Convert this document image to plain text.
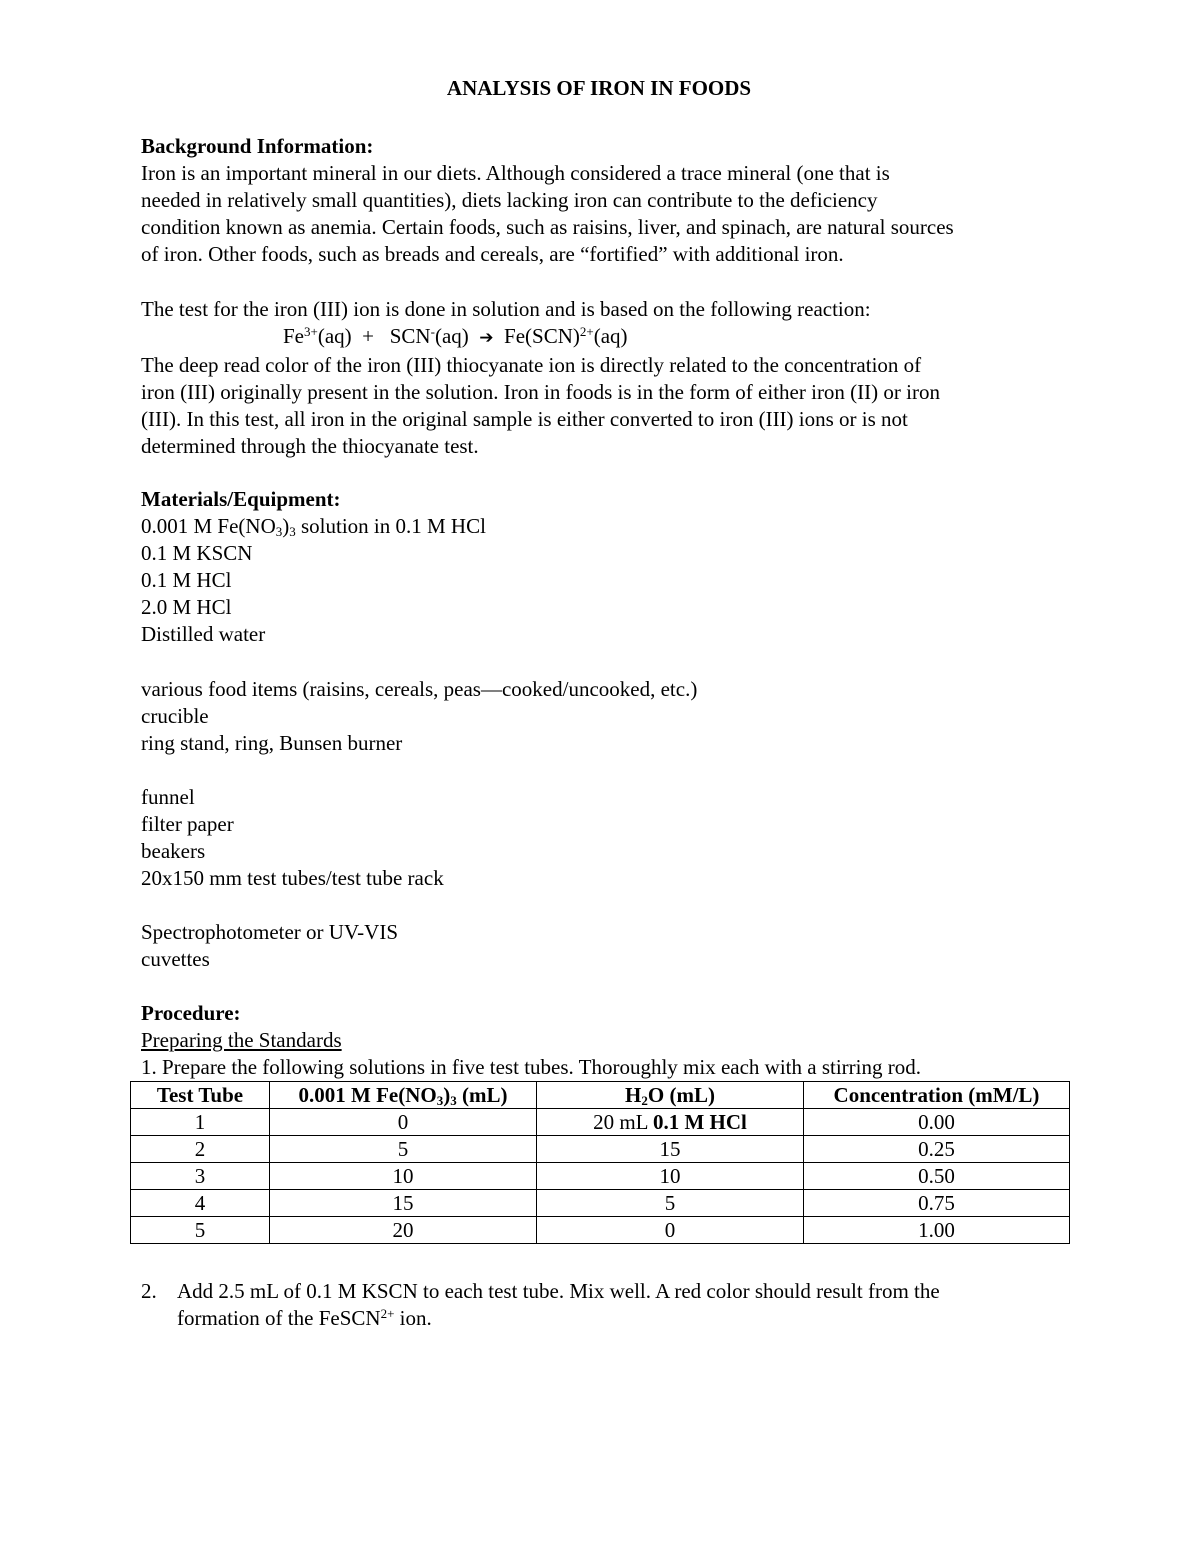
ANALYSIS OF IRON IN FOODS

Background Information:

Iron is an important mineral in our diets. Although considered a trace mineral (one that is

needed in relatively small quantities), diets lacking iron can contribute to the deficiency

condition known as anemia. Certain foods, such as raisins, liver, and spinach, are natural sources

of iron. Other foods, such as breads and cereals, are “fortified” with additional iron.

The test for the iron (III) ion is done in solution and is based on the following reaction:

$Fe^{3+}(aq) + SCN^-(aq)$ ➔ Fe(SCN)$^{2+}$(aq)

The deep read color of the iron (III) thiocyanate ion is directly related to the concentration of

iron (III) originally present in the solution. Iron in foods is in the form of either iron (II) or iron

(III). In this test, all iron in the original sample is either converted to iron (III) ions or is not

determined through the thiocyanate test.

Materials/Equipment:

0.001 M $Fe(NO_3)_3$ solution in 0.1 M HCl

0.1 M KSCN

0.1 M HCl

2.0 M HCl

Distilled water

various food items (raisins, cereals, peas—cooked/uncooked, etc.)

crucible

ring stand, ring, Bunsen burner

funnel

filter paper

beakers

20x150 mm test tubes/test tube rack

Spectrophotometer or UV-VIS

cuvettes

Procedure:

Preparing the Standards

1. Prepare the following solutions in five test tubes. Thoroughly mix each with a stirring rod.

Test Tube	0.001 M $Fe(NO_3)_3$ (mL)	$H_2O$ (mL)	Concentration (mM/L)
1	0	20 mL 0.1 M HCl	0.00
2	5	15	0.25
3	10	10	0.50
4	15	5	0.75
5	20	0	1.00
2. Add 2.5 mL of 0.1 M KSCN to each test tube. Mix well. A red color should result from the

formation of the FeSCN$^{2+}$ ion.
